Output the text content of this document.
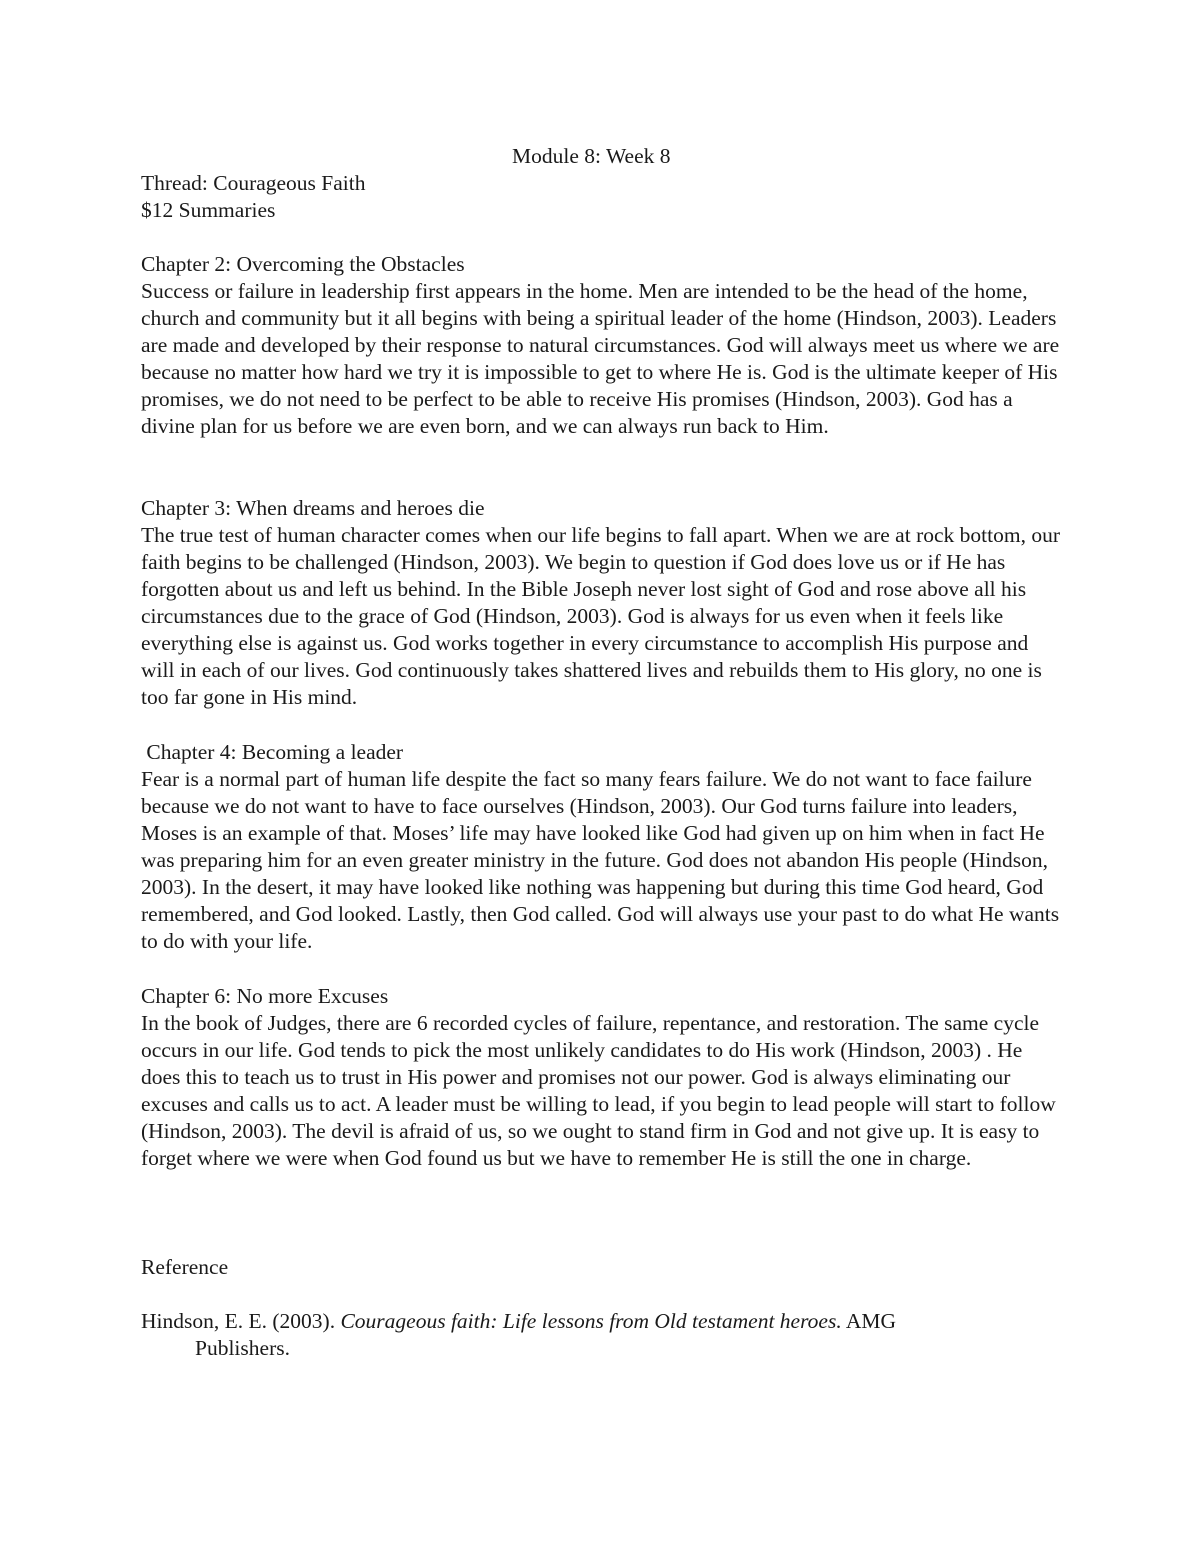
Module 8: Week 8
Thread: Courageous Faith
$12 Summaries
Chapter 2: Overcoming the Obstacles
Success or failure in leadership first appears in the home. Men are intended to be the head of the home, church and community but it all begins with being a spiritual leader of the home (Hindson, 2003). Leaders are made and developed by their response to natural circumstances. God will always meet us where we are because no matter how hard we try it is impossible to get to where He is. God is the ultimate keeper of His promises, we do not need to be perfect to be able to receive His promises (Hindson, 2003). God has a divine plan for us before we are even born, and we can always run back to Him.
Chapter 3: When dreams and heroes die
The true test of human character comes when our life begins to fall apart. When we are at rock bottom, our faith begins to be challenged (Hindson, 2003). We begin to question if God does love us or if He has forgotten about us and left us behind. In the Bible Joseph never lost sight of God and rose above all his circumstances due to the grace of God (Hindson, 2003). God is always for us even when it feels like everything else is against us. God works together in every circumstance to accomplish His purpose and will in each of our lives. God continuously takes shattered lives and rebuilds them to His glory, no one is too far gone in His mind.
Chapter 4: Becoming a leader
Fear is a normal part of human life despite the fact so many fears failure. We do not want to face failure because we do not want to have to face ourselves (Hindson, 2003). Our God turns failure into leaders, Moses is an example of that. Moses’ life may have looked like God had given up on him when in fact He was preparing him for an even greater ministry in the future. God does not abandon His people (Hindson, 2003). In the desert, it may have looked like nothing was happening but during this time God heard, God remembered, and God looked. Lastly, then God called. God will always use your past to do what He wants to do with your life.
Chapter 6: No more Excuses
In the book of Judges, there are 6 recorded cycles of failure, repentance, and restoration. The same cycle occurs in our life. God tends to pick the most unlikely candidates to do His work (Hindson, 2003) . He does this to teach us to trust in His power and promises not our power. God is always eliminating our excuses and calls us to act. A leader must be willing to lead, if you begin to lead people will start to follow (Hindson, 2003). The devil is afraid of us, so we ought to stand firm in God and not give up. It is easy to forget where we were when God found us but we have to remember He is still the one in charge.
Reference
Hindson, E. E. (2003). Courageous faith: Life lessons from Old testament heroes. AMG
Publishers.
